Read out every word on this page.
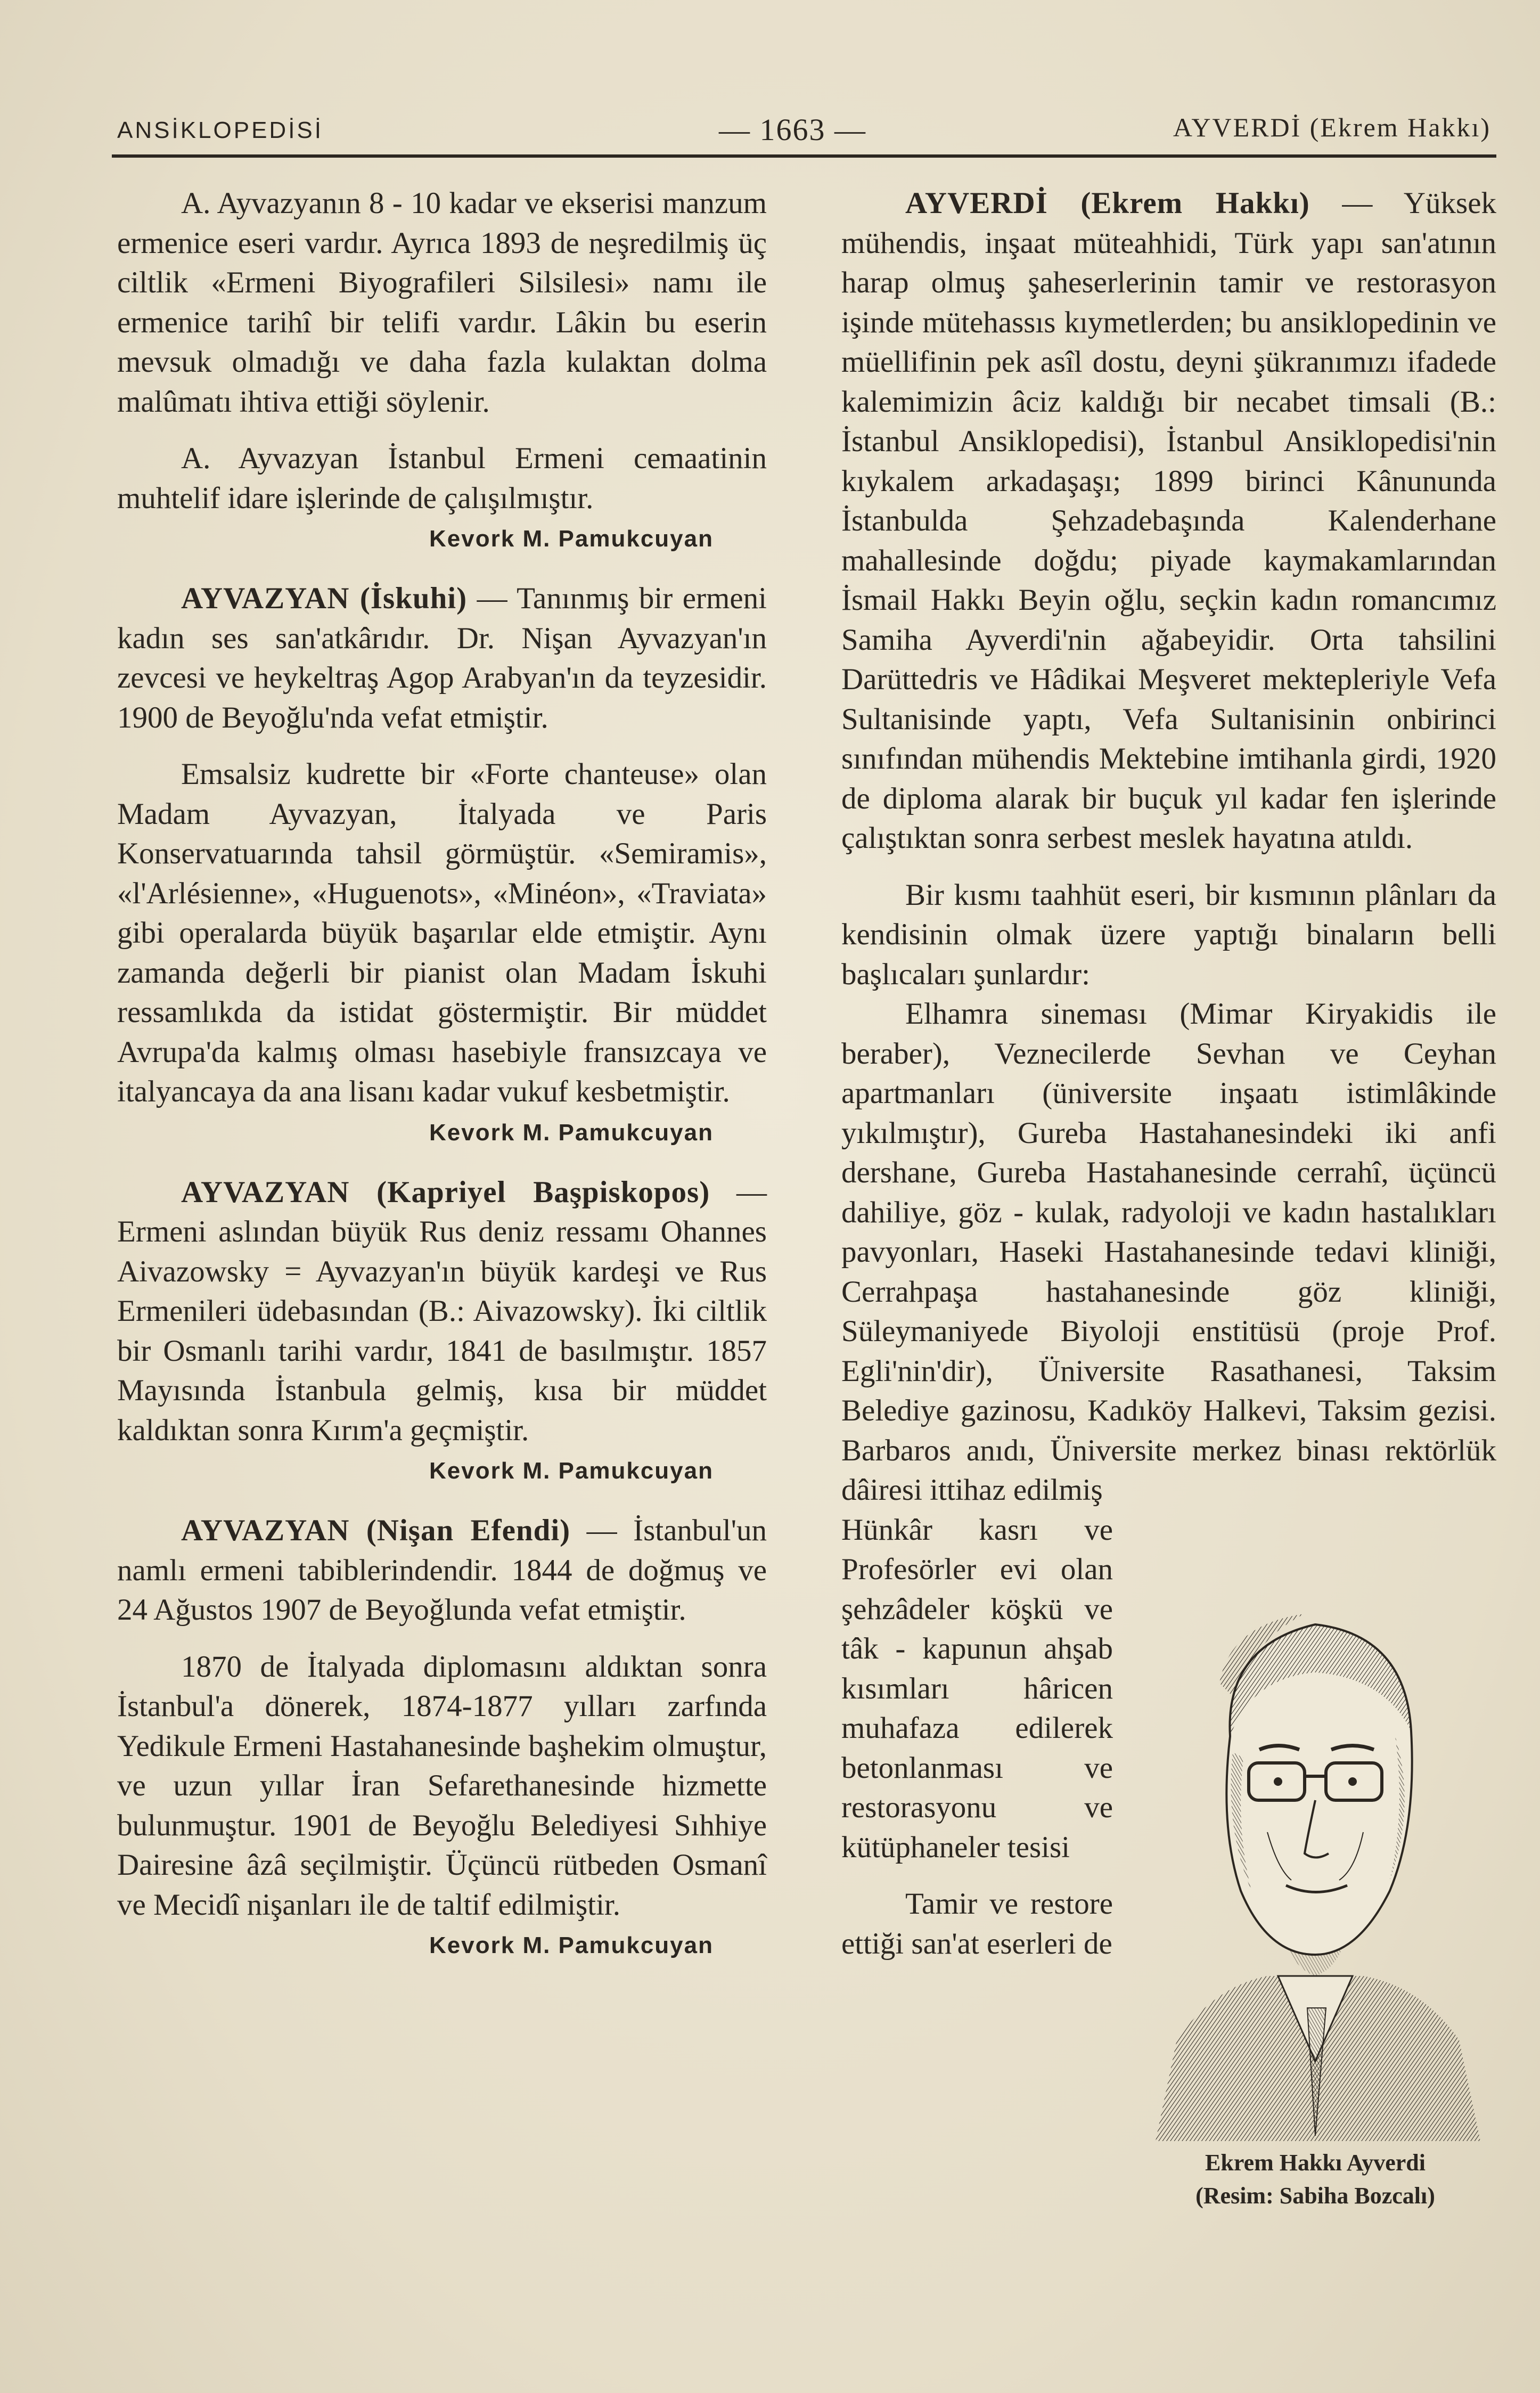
ANSİKLOPEDİSİ	— 1663 —	AYVERDİ (Ekrem Hakkı)

A. Ayvazyanın 8 - 10 kadar ve ekserisi manzum ermenice eseri vardır. Ayrıca 1893 de neşredilmiş üç ciltlik «Ermeni Biyografileri Silsilesi» namı ile ermenice tarihî bir telifi vardır. Lâkin bu eserin mevsuk olmadığı ve daha fazla kulaktan dolma malûmatı ihtiva ettiği söylenir.

A. Ayvazyan İstanbul Ermeni cemaatinin muhtelif idare işlerinde de çalışılmıştır.

Kevork M. Pamukcuyan

AYVAZYAN (İskuhi) — Tanınmış bir ermeni kadın ses san'atkârıdır. Dr. Nişan Ayvazyan'ın zevcesi ve heykeltraş Agop Arabyan'ın da teyzesidir. 1900 de Beyoğlu'nda vefat etmiştir.

Emsalsiz kudrette bir «Forte chanteuse» olan Madam Ayvazyan, İtalyada ve Paris Konservatuarında tahsil görmüştür. «Semiramis», «l'Arlésienne», «Huguenots», «Minéon», «Traviata» gibi operalarda büyük başarılar elde etmiştir. Aynı zamanda değerli bir pianist olan Madam İskuhi ressamlıkda da istidat göstermiştir. Bir müddet Avrupa'da kalmış olması hasebiyle fransızcaya ve italyancaya da ana lisanı kadar vukuf kesbetmiştir.

Kevork M. Pamukcuyan

AYVAZYAN (Kapriyel Başpiskopos) — Ermeni aslından büyük Rus deniz ressamı Ohannes Aivazowsky = Ayvazyan'ın büyük kardeşi ve Rus Ermenileri üdebasından (B.: Aivazowsky). İki ciltlik bir Osmanlı tarihi vardır, 1841 de basılmıştır. 1857 Mayısında İstanbula gelmiş, kısa bir müddet kaldıktan sonra Kırım'a geçmiştir.

Kevork M. Pamukcuyan

AYVAZYAN (Nişan Efendi) — İstanbul'un namlı ermeni tabiblerindendir. 1844 de doğmuş ve 24 Ağustos 1907 de Beyoğlunda vefat etmiştir.

1870 de İtalyada diplomasını aldıktan sonra İstanbul'a dönerek, 1874-1877 yılları zarfında Yedikule Ermeni Hastahanesinde başhekim olmuştur, ve uzun yıllar İran Sefarethanesinde hizmette bulunmuştur. 1901 de Beyoğlu Belediyesi Sıhhiye Dairesine âzâ seçilmiştir. Üçüncü rütbeden Osmanî ve Mecidî nişanları ile de taltif edilmiştir.

Kevork M. Pamukcuyan

AYVERDİ (Ekrem Hakkı) — Yüksek mühendis, inşaat müteahhidi, Türk yapı san'atının harap olmuş şaheserlerinin tamir ve restorasyon işinde mütehassıs kıymetlerden; bu ansiklopedinin ve müellifinin pek asîl dostu, deyni şükranımızı ifadede kalemimizin âciz kaldığı bir necabet timsali (B.: İstanbul Ansiklopedisi), İstanbul Ansiklopedisi'nin kıykalem arkadaşaşı; 1899 birinci Kânununda İstanbulda Şehzadebaşında Kalenderhane mahallesinde doğdu; piyade kaymakamlarından İsmail Hakkı Beyin oğlu, seçkin kadın romancımız Samiha Ayverdi'nin ağabeyidir. Orta tahsilini Darüttedris ve Hâdikai Meşveret mektepleriyle Vefa Sultanisinde yaptı, Vefa Sultanisinin onbirinci sınıfından mühendis Mektebine imtihanla girdi, 1920 de diploma alarak bir buçuk yıl kadar fen işlerinde çalıştıktan sonra serbest meslek hayatına atıldı.

Bir kısmı taahhüt eseri, bir kısmının plânları da kendisinin olmak üzere yaptığı binaların belli başlıcaları şunlardır:

Elhamra sineması (Mimar Kiryakidis ile beraber), Veznecilerde Sevhan ve Ceyhan apartmanları (üniversite inşaatı istimlâkinde yıkılmıştır), Gureba Hastahanesindeki iki anfi dershane, Gureba Hastahanesinde cerrahî, üçüncü dahiliye, göz - kulak, radyoloji ve kadın hastalıkları pavyonları, Haseki Hastahanesinde tedavi kliniği, Cerrahpaşa hastahanesinde göz kliniği, Süleymaniyede Biyoloji enstitüsü (proje Prof. Egli'nin'dir), Üniversite Rasathanesi, Taksim Belediye gazinosu, Kadıköy Halkevi, Taksim gezisi. Barbaros anıdı, Üniversite merkez binası rektörlük dâiresi ittihaz edilmiş

Hünkâr kasrı ve Profesörler evi olan şehzâdeler köşkü ve tâk - kapunun ahşab kısımları hâricen muhafaza edilerek betonlanması ve restorasyonu ve kütüphaneler tesisi

Tamir ve restore ettiği san'at eserleri de

Ekrem Hakkı Ayverdi
(Resim: Sabiha Bozcalı)
